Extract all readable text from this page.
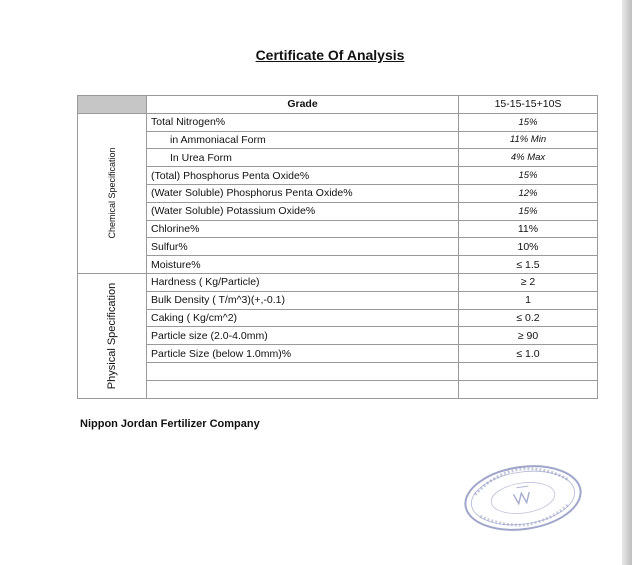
Certificate Of Analysis
	Grade	15-15-15+10S

Chemical Specification	Total Nitrogen%	15%
	in Ammoniacal Form	11% Min
	In Urea Form	4% Max
	(Total) Phosphorus Penta Oxide%	15%
	(Water Soluble) Phosphorus Penta Oxide%	12%
	(Water Soluble) Potassium Oxide%	15%
	Chlorine%	11%
	Sulfur%	10%
	Moisture%	≤ 1.5

Physical Specification	Hardness ( Kg/Particle)	≥ 2
	Bulk Density ( T/m^3)(+,-0.1)	1
	Caking ( Kg/cm^2)	≤ 0.2
	Particle size (2.0-4.0mm)	≥ 90
	Particle Size (below 1.0mm)%	≤ 1.0

Nippon Jordan Fertilizer Company
